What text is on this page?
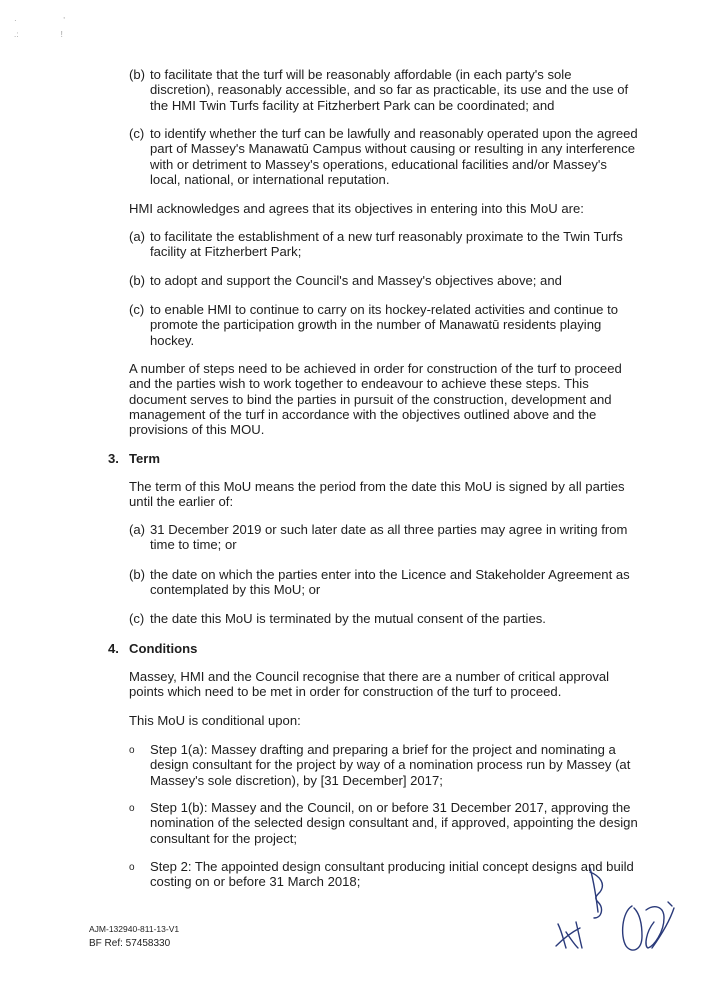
·                     '
.:                   !
(b) to facilitate that the turf will be reasonably affordable (in each party's sole discretion), reasonably accessible, and so far as practicable, its use and the use of the HMI Twin Turfs facility at Fitzherbert Park can be coordinated; and
(c) to identify whether the turf can be lawfully and reasonably operated upon the agreed part of Massey's Manawatū Campus without causing or resulting in any interference with or detriment to Massey's operations, educational facilities and/or Massey's local, national, or international reputation.
HMI acknowledges and agrees that its objectives in entering into this MoU are:
(a) to facilitate the establishment of a new turf reasonably proximate to the Twin Turfs facility at Fitzherbert Park;
(b) to adopt and support the Council's and Massey's objectives above; and
(c) to enable HMI to continue to carry on its hockey-related activities and continue to promote the participation growth in the number of Manawatū residents playing hockey.
A number of steps need to be achieved in order for construction of the turf to proceed and the parties wish to work together to endeavour to achieve these steps. This document serves to bind the parties in pursuit of the construction, development and management of the turf in accordance with the objectives outlined above and the provisions of this MOU.
3. Term
The term of this MoU means the period from the date this MoU is signed by all parties until the earlier of:
(a) 31 December 2019 or such later date as all three parties may agree in writing from time to time; or
(b) the date on which the parties enter into the Licence and Stakeholder Agreement as contemplated by this MoU; or
(c) the date this MoU is terminated by the mutual consent of the parties.
4. Conditions
Massey, HMI and the Council recognise that there are a number of critical approval points which need to be met in order for construction of the turf to proceed.
This MoU is conditional upon:
o Step 1(a): Massey drafting and preparing a brief for the project and nominating a design consultant for the project by way of a nomination process run by Massey (at Massey's sole discretion), by [31 December] 2017;
o Step 1(b): Massey and the Council, on or before 31 December 2017, approving the nomination of the selected design consultant and, if approved, appointing the design consultant for the project;
o Step 2: The appointed design consultant producing initial concept designs and build costing on or before 31 March 2018;
AJM-132940-811-13-V1
BF Ref: 57458330
